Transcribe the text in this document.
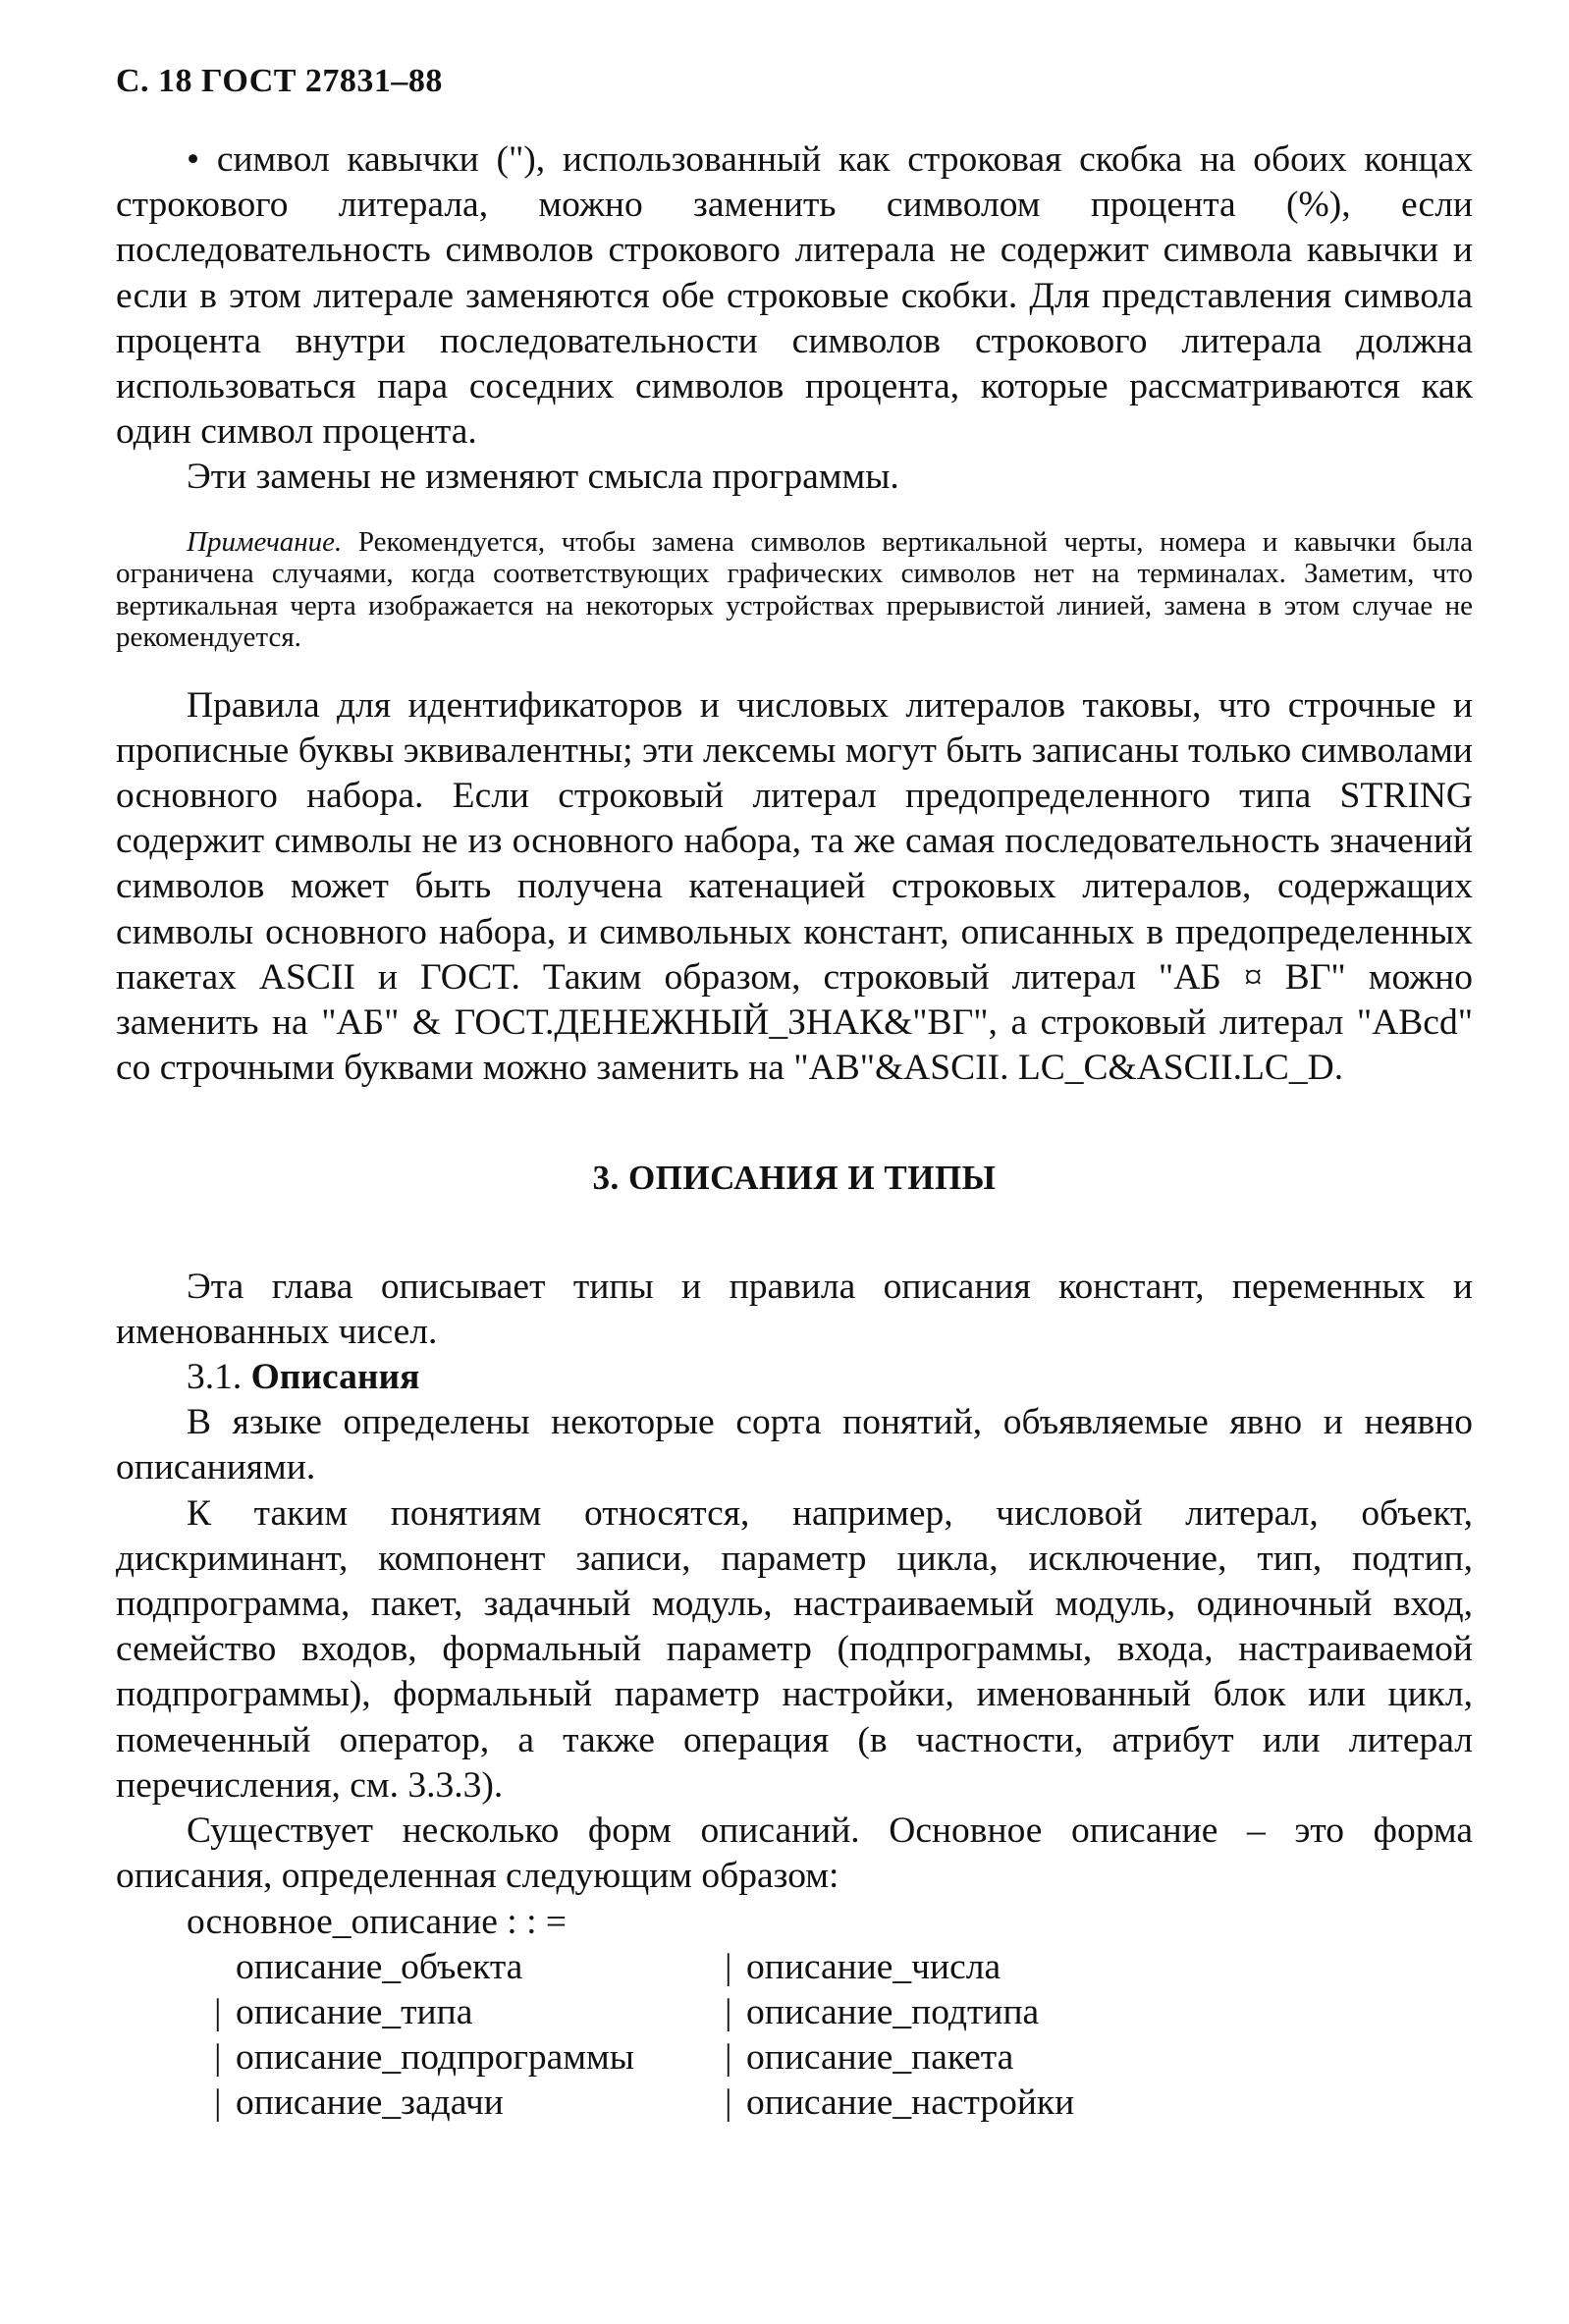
С. 18 ГОСТ 27831–88

• символ кавычки ("), использованный как строковая скобка на обоих концах строкового литерала, можно заменить символом процента (%), если последовательность символов строкового литерала не содержит символа кавычки и если в этом литерале заменяются обе строковые скобки. Для представления символа процента внутри последовательности символов строкового литерала должна использоваться пара соседних символов процента, которые рассматриваются как один символ процента.

Эти замены не изменяют смысла программы.

Примечание. Рекомендуется, чтобы замена символов вертикальной черты, номера и кавычки была ограничена случаями, когда соответствующих графических символов нет на терминалах. Заметим, что вертикальная черта изображается на некоторых устройствах прерывистой линией, замена в этом случае не рекомендуется.

Правила для идентификаторов и числовых литералов таковы, что строчные и прописные буквы эквивалентны; эти лексемы могут быть записаны только символами основного набора. Если строковый литерал предопределенного типа STRING содержит символы не из основного набора, та же самая последовательность значений символов может быть получена катенацией строковых литералов, содержащих символы основного набора, и символьных констант, описанных в предопределенных пакетах ASCII и ГОСТ. Таким образом, строковый литерал "АБ ¤ ВГ" можно заменить на "АБ" & ГОСТ.ДЕНЕЖНЫЙ_ЗНАК&"ВГ", а строковый литерал "ABcd" со строчными буквами можно заменить на "AB"&ASCII. LC_C&ASCII.LC_D.

3. ОПИСАНИЯ И ТИПЫ

Эта глава описывает типы и правила описания констант, переменных и именованных чисел.

3.1. Описания

В языке определены некоторые сорта понятий, объявляемые явно и неявно описаниями.

К таким понятиям относятся, например, числовой литерал, объект, дискриминант, компонент записи, параметр цикла, исключение, тип, подтип, подпрограмма, пакет, задачный модуль, настраиваемый модуль, одиночный вход, семейство входов, формальный параметр (подпрограммы, входа, настраиваемой подпрограммы), формальный параметр настройки, именованный блок или цикл, помеченный оператор, а также операция (в частности, атрибут или литерал перечисления, см. 3.3.3).

Существует несколько форм описаний. Основное описание – это форма описания, определенная следующим образом:

основное_описание : : =
описание_объекта	| описание_числа
| описание_типа	| описание_подтипа
| описание_подпрограммы	| описание_пакета
| описание_задачи	| описание_настройки
